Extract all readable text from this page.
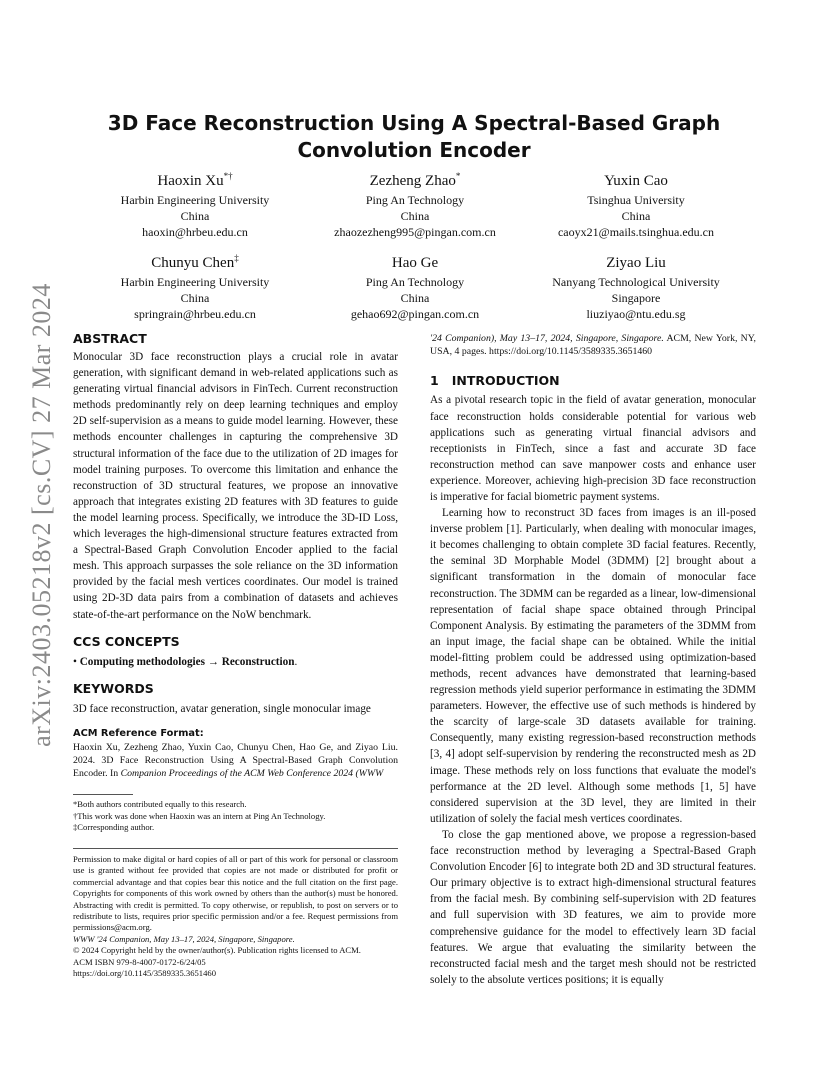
arXiv:2403.05218v2 [cs.CV] 27 Mar 2024
3D Face Reconstruction Using A Spectral-Based Graph Convolution Encoder
Haoxin Xu*†
Harbin Engineering University
China
haoxin@hrbeu.edu.cn
Zezheng Zhao*
Ping An Technology
China
zhaozezheng995@pingan.com.cn
Yuxin Cao
Tsinghua University
China
caoyx21@mails.tsinghua.edu.cn
Chunyu Chen‡
Harbin Engineering University
China
springrain@hrbeu.edu.cn
Hao Ge
Ping An Technology
China
gehao692@pingan.com.cn
Ziyao Liu
Nanyang Technological University
Singapore
liuziyao@ntu.edu.sg
ABSTRACT

Monocular 3D face reconstruction plays a crucial role in avatar generation, with significant demand in web-related applications such as generating virtual financial advisors in FinTech. Current reconstruction methods predominantly rely on deep learning techniques and employ 2D self-supervision as a means to guide model learning. However, these methods encounter challenges in capturing the comprehensive 3D structural information of the face due to the utilization of 2D images for model training purposes. To overcome this limitation and enhance the reconstruction of 3D structural features, we propose an innovative approach that integrates existing 2D features with 3D features to guide the model learning process. Specifically, we introduce the 3D-ID Loss, which leverages the high-dimensional structure features extracted from a Spectral-Based Graph Convolution Encoder applied to the facial mesh. This approach surpasses the sole reliance on the 3D information provided by the facial mesh vertices coordinates. Our model is trained using 2D-3D data pairs from a combination of datasets and achieves state-of-the-art performance on the NoW benchmark.

CCS CONCEPTS

• Computing methodologies → Reconstruction.

KEYWORDS

3D face reconstruction, avatar generation, single monocular image

ACM Reference Format:

Haoxin Xu, Zezheng Zhao, Yuxin Cao, Chunyu Chen, Hao Ge, and Ziyao Liu. 2024. 3D Face Reconstruction Using A Spectral-Based Graph Convolution Encoder. In Companion Proceedings of the ACM Web Conference 2024 (WWW

*Both authors contributed equally to this research.

†This work was done when Haoxin was an intern at Ping An Technology.

‡Corresponding author.

Permission to make digital or hard copies of all or part of this work for personal or classroom use is granted without fee provided that copies are not made or distributed for profit or commercial advantage and that copies bear this notice and the full citation on the first page. Copyrights for components of this work owned by others than the author(s) must be honored. Abstracting with credit is permitted. To copy otherwise, or republish, to post on servers or to redistribute to lists, requires prior specific permission and/or a fee. Request permissions from permissions@acm.org.

WWW '24 Companion, May 13–17, 2024, Singapore, Singapore.

© 2024 Copyright held by the owner/author(s). Publication rights licensed to ACM.

ACM ISBN 979-8-4007-0172-6/24/05

https://doi.org/10.1145/3589335.3651460

'24 Companion), May 13–17, 2024, Singapore, Singapore. ACM, New York, NY, USA, 4 pages. https://doi.org/10.1145/3589335.3651460

1   INTRODUCTION

As a pivotal research topic in the field of avatar generation, monocular face reconstruction holds considerable potential for various web applications such as generating virtual financial advisors and receptionists in FinTech, since a fast and accurate 3D face reconstruction method can save manpower costs and enhance user experience. Moreover, achieving high-precision 3D face reconstruction is imperative for facial biometric payment systems.

Learning how to reconstruct 3D faces from images is an ill-posed inverse problem [1]. Particularly, when dealing with monocular images, it becomes challenging to obtain complete 3D facial features. Recently, the seminal 3D Morphable Model (3DMM) [2] brought about a significant transformation in the domain of monocular face reconstruction. The 3DMM can be regarded as a linear, low-dimensional representation of facial shape space obtained through Principal Component Analysis. By estimating the parameters of the 3DMM from an input image, the facial shape can be obtained. While the initial model-fitting problem could be addressed using optimization-based methods, recent advances have demonstrated that learning-based regression methods yield superior performance in estimating the 3DMM parameters. However, the effective use of such methods is hindered by the scarcity of large-scale 3D datasets available for training. Consequently, many existing regression-based reconstruction methods [3, 4] adopt self-supervision by rendering the reconstructed mesh as 2D image. These methods rely on loss functions that evaluate the model's performance at the 2D level. Although some methods [1, 5] have considered supervision at the 3D level, they are limited in their utilization of solely the facial mesh vertices coordinates.

To close the gap mentioned above, we propose a regression-based face reconstruction method by leveraging a Spectral-Based Graph Convolution Encoder [6] to integrate both 2D and 3D structural features. Our primary objective is to extract high-dimensional structural features from the facial mesh. By combining self-supervision with 2D features and full supervision with 3D features, we aim to provide more comprehensive guidance for the model to effectively learn 3D facial features. We argue that evaluating the similarity between the reconstructed facial mesh and the target mesh should not be restricted solely to the absolute vertices positions; it is equally
